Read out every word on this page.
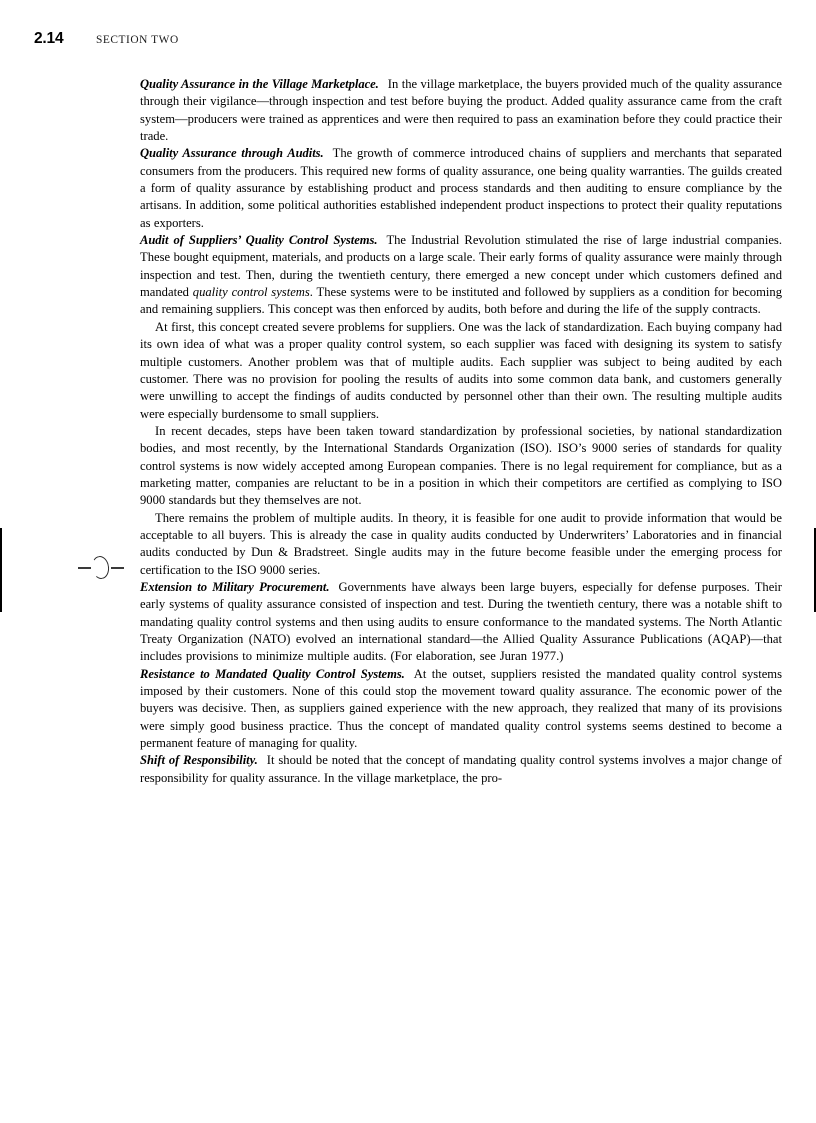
2.14	SECTION TWO

Quality Assurance in the Village Marketplace. In the village marketplace, the buyers provided much of the quality assurance through their vigilance—through inspection and test before buying the product. Added quality assurance came from the craft system—producers were trained as apprentices and were then required to pass an examination before they could practice their trade.

Quality Assurance through Audits. The growth of commerce introduced chains of suppliers and merchants that separated consumers from the producers. This required new forms of quality assurance, one being quality warranties. The guilds created a form of quality assurance by establishing product and process standards and then auditing to ensure compliance by the artisans. In addition, some political authorities established independent product inspections to protect their quality reputations as exporters.

Audit of Suppliers’ Quality Control Systems. The Industrial Revolution stimulated the rise of large industrial companies. These bought equipment, materials, and products on a large scale. Their early forms of quality assurance were mainly through inspection and test. Then, during the twentieth century, there emerged a new concept under which customers defined and mandated quality control systems. These systems were to be instituted and followed by suppliers as a condition for becoming and remaining suppliers. This concept was then enforced by audits, both before and during the life of the supply contracts.

At first, this concept created severe problems for suppliers. One was the lack of standardization. Each buying company had its own idea of what was a proper quality control system, so each supplier was faced with designing its system to satisfy multiple customers. Another problem was that of multiple audits. Each supplier was subject to being audited by each customer. There was no provision for pooling the results of audits into some common data bank, and customers generally were unwilling to accept the findings of audits conducted by personnel other than their own. The resulting multiple audits were especially burdensome to small suppliers.

In recent decades, steps have been taken toward standardization by professional societies, by national standardization bodies, and most recently, by the International Standards Organization (ISO). ISO’s 9000 series of standards for quality control systems is now widely accepted among European companies. There is no legal requirement for compliance, but as a marketing matter, companies are reluctant to be in a position in which their competitors are certified as complying to ISO 9000 standards but they themselves are not.

There remains the problem of multiple audits. In theory, it is feasible for one audit to provide information that would be acceptable to all buyers. This is already the case in quality audits conducted by Underwriters’ Laboratories and in financial audits conducted by Dun & Bradstreet. Single audits may in the future become feasible under the emerging process for certification to the ISO 9000 series.

Extension to Military Procurement. Governments have always been large buyers, especially for defense purposes. Their early systems of quality assurance consisted of inspection and test. During the twentieth century, there was a notable shift to mandating quality control systems and then using audits to ensure conformance to the mandated systems. The North Atlantic Treaty Organization (NATO) evolved an international standard—the Allied Quality Assurance Publications (AQAP)—that includes provisions to minimize multiple audits. (For elaboration, see Juran 1977.)

Resistance to Mandated Quality Control Systems. At the outset, suppliers resisted the mandated quality control systems imposed by their customers. None of this could stop the movement toward quality assurance. The economic power of the buyers was decisive. Then, as suppliers gained experience with the new approach, they realized that many of its provisions were simply good business practice. Thus the concept of mandated quality control systems seems destined to become a permanent feature of managing for quality.

Shift of Responsibility. It should be noted that the concept of mandating quality control systems involves a major change of responsibility for quality assurance. In the village marketplace, the pro-
